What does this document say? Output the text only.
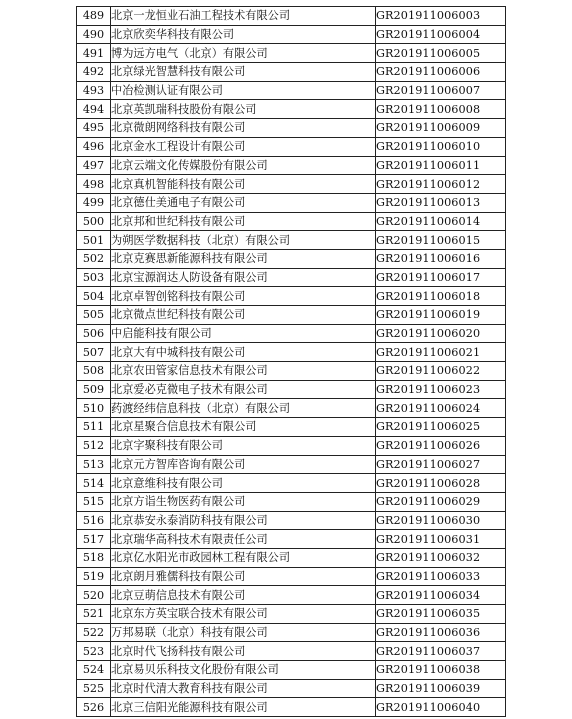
489	北京一龙恒业石油工程技术有限公司	GR201911006003
490	北京欣奕华科技有限公司	GR201911006004
491	博为远方电气（北京）有限公司	GR201911006005
492	北京绿光智慧科技有限公司	GR201911006006
493	中冶检测认证有限公司	GR201911006007
494	北京英凯瑞科技股份有限公司	GR201911006008
495	北京微朗网络科技有限公司	GR201911006009
496	北京金水工程设计有限公司	GR201911006010
497	北京云端文化传媒股份有限公司	GR201911006011
498	北京真机智能科技有限公司	GR201911006012
499	北京德仕美通电子有限公司	GR201911006013
500	北京邦和世纪科技有限公司	GR201911006014
501	为朔医学数据科技（北京）有限公司	GR201911006015
502	北京克赛思新能源科技有限公司	GR201911006016
503	北京宝源润达人防设备有限公司	GR201911006017
504	北京卓智创铭科技有限公司	GR201911006018
505	北京微点世纪科技有限公司	GR201911006019
506	中启能科技有限公司	GR201911006020
507	北京大有中城科技有限公司	GR201911006021
508	北京农田管家信息技术有限公司	GR201911006022
509	北京爱必克微电子技术有限公司	GR201911006023
510	药渡经纬信息科技（北京）有限公司	GR201911006024
511	北京星聚合信息技术有限公司	GR201911006025
512	北京字聚科技有限公司	GR201911006026
513	北京元方智库咨询有限公司	GR201911006027
514	北京意维科技有限公司	GR201911006028
515	北京方诣生物医药有限公司	GR201911006029
516	北京恭安永泰消防科技有限公司	GR201911006030
517	北京瑞华高科技术有限责任公司	GR201911006031
518	北京亿水阳光市政园林工程有限公司	GR201911006032
519	北京朗月雅儒科技有限公司	GR201911006033
520	北京豆萌信息技术有限公司	GR201911006034
521	北京东方英宝联合技术有限公司	GR201911006035
522	万邦易联（北京）科技有限公司	GR201911006036
523	北京时代飞扬科技有限公司	GR201911006037
524	北京易贝乐科技文化股份有限公司	GR201911006038
525	北京时代清大教育科技有限公司	GR201911006039
526	北京三信阳光能源科技有限公司	GR201911006040
